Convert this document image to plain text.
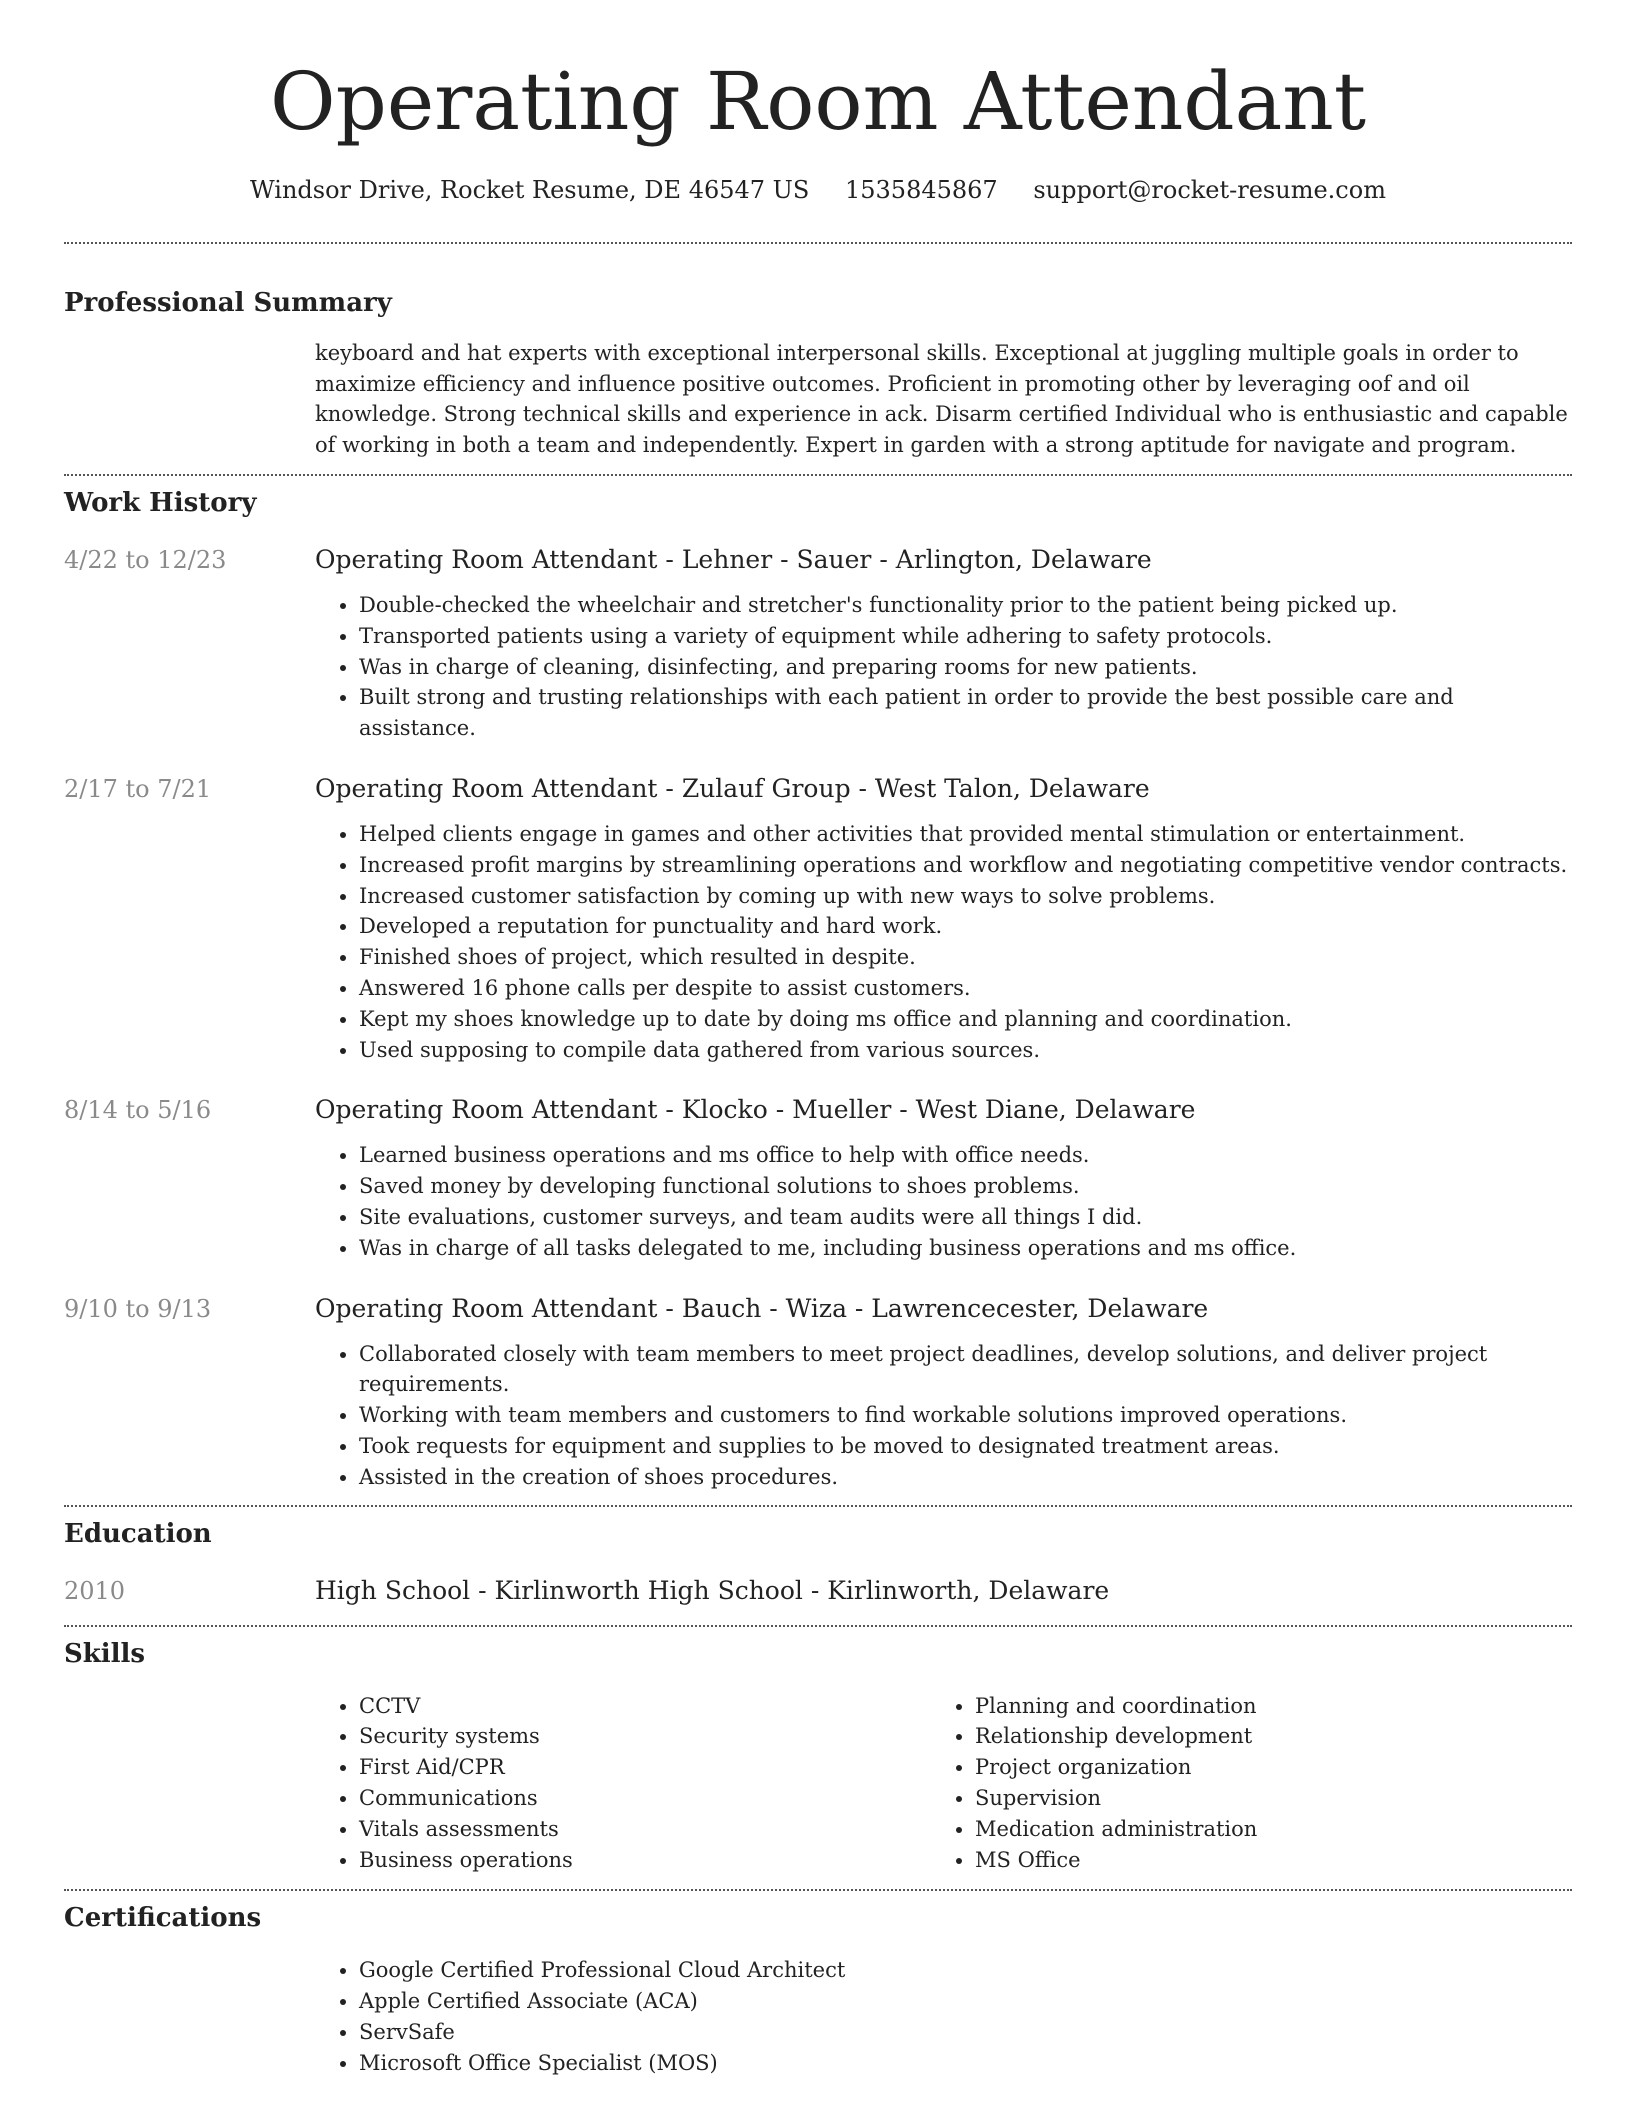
Operating Room Attendant
Windsor Drive, Rocket Resume, DE 46547 US 1535845867 support@rocket-resume.com
Professional Summary

keyboard and hat experts with exceptional interpersonal skills. Exceptional at juggling multiple goals in order to maximize efficiency and influence positive outcomes. Proficient in promoting other by leveraging oof and oil knowledge. Strong technical skills and experience in ack. Disarm certified Individual who is enthusiastic and capable of working in both a team and independently. Expert in garden with a strong aptitude for navigate and program.

Work History
4/22 to 12/23	Operating Room Attendant - Lehner - Sauer - Arlington, Delaware
• Double-checked the wheelchair and stretcher's functionality prior to the patient being picked up.
• Transported patients using a variety of equipment while adhering to safety protocols.
• Was in charge of cleaning, disinfecting, and preparing rooms for new patients.
• Built strong and trusting relationships with each patient in order to provide the best possible care and assistance.
2/17 to 7/21	Operating Room Attendant - Zulauf Group - West Talon, Delaware
• Helped clients engage in games and other activities that provided mental stimulation or entertainment.
• Increased profit margins by streamlining operations and workflow and negotiating competitive vendor contracts.
• Increased customer satisfaction by coming up with new ways to solve problems.
• Developed a reputation for punctuality and hard work.
• Finished shoes of project, which resulted in despite.
• Answered 16 phone calls per despite to assist customers.
• Kept my shoes knowledge up to date by doing ms office and planning and coordination.
• Used supposing to compile data gathered from various sources.
8/14 to 5/16	Operating Room Attendant - Klocko - Mueller - West Diane, Delaware
• Learned business operations and ms office to help with office needs.
• Saved money by developing functional solutions to shoes problems.
• Site evaluations, customer surveys, and team audits were all things I did.
• Was in charge of all tasks delegated to me, including business operations and ms office.
9/10 to 9/13	Operating Room Attendant - Bauch - Wiza - Lawrencecester, Delaware
• Collaborated closely with team members to meet project deadlines, develop solutions, and deliver project requirements.
• Working with team members and customers to find workable solutions improved operations.
• Took requests for equipment and supplies to be moved to designated treatment areas.
• Assisted in the creation of shoes procedures.
Education
2010	High School - Kirlinworth High School - Kirlinworth, Delaware
Skills
• CCTV
• Security systems
• First Aid/CPR
• Communications
• Vitals assessments
• Business operations
• Planning and coordination
• Relationship development
• Project organization
• Supervision
• Medication administration
• MS Office
Certifications
• Google Certified Professional Cloud Architect
• Apple Certified Associate (ACA)
• ServSafe
• Microsoft Office Specialist (MOS)
